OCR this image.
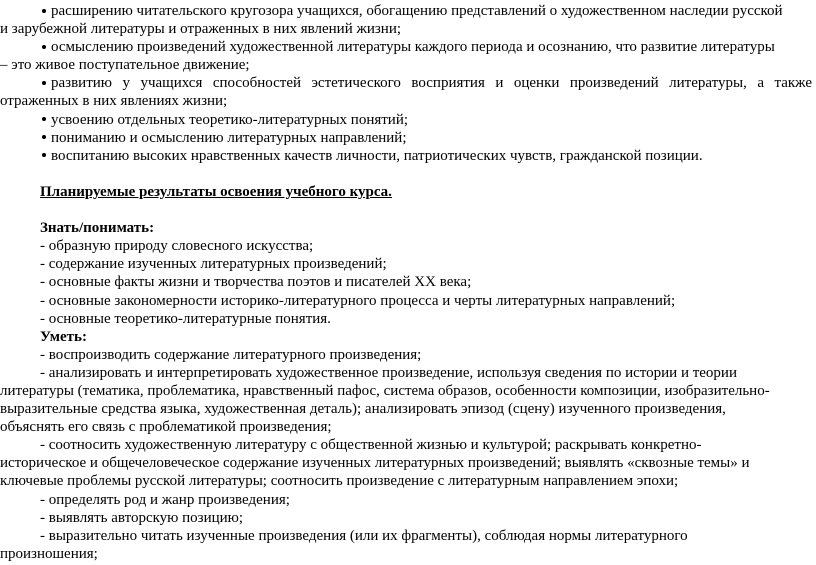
расширению читательского кругозора учащихся, обогащению представлений о художественном наследии русской
и зарубежной литературы и отраженных в них явлений жизни;
осмыслению произведений художественной литературы каждого периода и осознанию, что развитие литературы
– это живое поступательное движение;
развитию у учащихся способностей эстетического восприятия и оценки произведений литературы, а также
отраженных в них явлениях жизни;
усвоению отдельных теоретико-литературных понятий;
пониманию и осмыслению литературных направлений;
воспитанию высоких нравственных качеств личности, патриотических чувств, гражданской позиции.
Планируемые результаты освоения учебного курса.
Знать/понимать:
- образную природу словесного искусства;
- содержание изученных литературных произведений;
- основные факты жизни и творчества поэтов и писателей ХХ века;
- основные закономерности историко-литературного процесса и черты литературных направлений;
- основные теоретико-литературные понятия.
Уметь:
- воспроизводить содержание литературного произведения;
- анализировать и интерпретировать художественное произведение, используя сведения по истории и теории
литературы (тематика, проблематика, нравственный пафос, система образов, особенности композиции, изобразительно-
выразительные средства языка, художественная деталь); анализировать эпизод (сцену) изученного произведения,
объяснять его связь с проблематикой произведения;
- соотносить художественную литературу с общественной жизнью и культурой; раскрывать конкретно-
историческое и общечеловеческое содержание изученных литературных произведений; выявлять «сквозные темы» и
ключевые проблемы русской литературы; соотносить произведение с литературным направлением эпохи;
- определять род и жанр произведения;
- выявлять авторскую позицию;
- выразительно читать изученные произведения (или их фрагменты), соблюдая нормы литературного
произношения;
